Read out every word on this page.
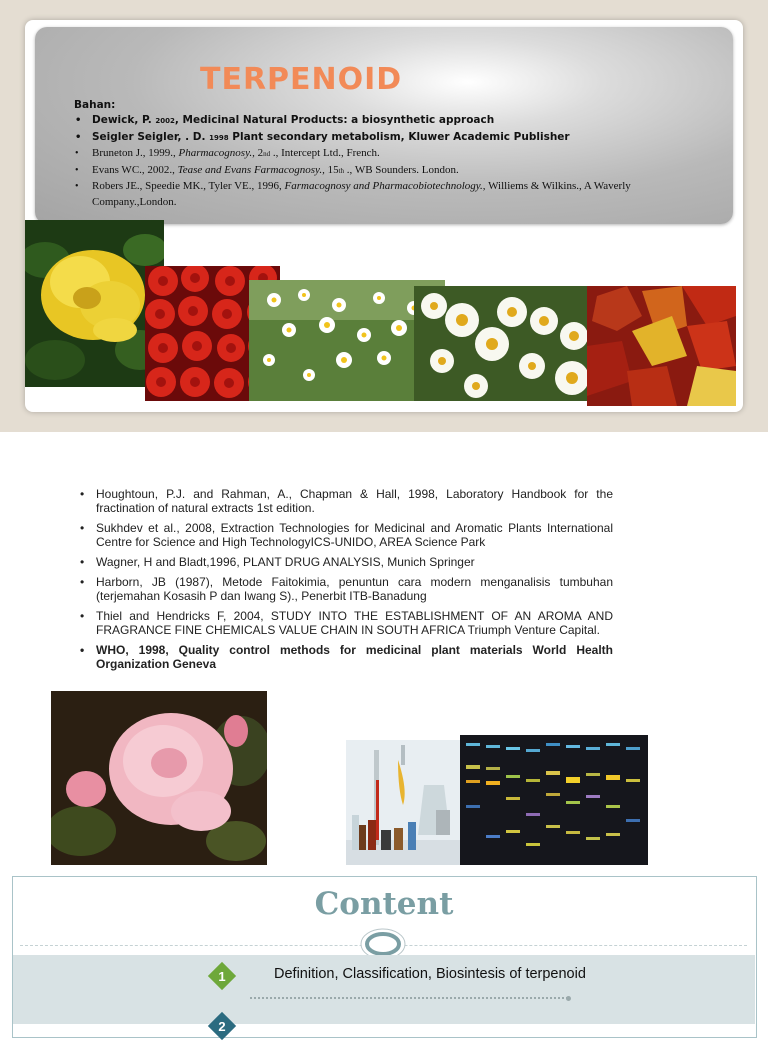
TERPENOID
Bahan:
• Dewick, P. 2002, Medicinal Natural Products: a biosynthetic approach
• Seigler Seigler, . D. 1998 Plant secondary metabolism, Kluwer Academic Publisher
• Bruneton J., 1999., Pharmacognosy., 2nd ., Intercept Ltd., French.
• Evans WC., 2002., Tease and Evans Farmacognosy., 15th ., WB Sounders. London.
• Robers JE., Speedie MK., Tyler VE., 1996, Farmacognosy and Pharmacobiotechnology., Williems & Wilkins., A Waverly Company.,London.
• Houghtoun, P.J. and Rahman, A., Chapman & Hall, 1998, Laboratory Handbook for the fractination of natural extracts 1st edition.
• Sukhdev et al., 2008, Extraction Technologies for Medicinal and Aromatic Plants International Centre for Science and High TechnologyICS-UNIDO, AREA Science Park
• Wagner, H and Bladt,1996, PLANT DRUG ANALYSIS, Munich Springer
• Harborn, JB (1987), Metode Faitokimia, penuntun cara modern menganalisis tumbuhan (terjemahan Kosasih P dan Iwang S)., Penerbit ITB-Banadung
• Thiel and Hendricks F, 2004, STUDY INTO THE ESTABLISHMENT OF AN AROMA AND FRAGRANCE FINE CHEMICALS VALUE CHAIN IN SOUTH AFRICA Triumph Venture Capital.
• WHO, 1998, Quality control methods for medicinal plant materials World Health Organization Geneva
Content
1	Definition, Classification, Biosintesis of terpenoid
2
